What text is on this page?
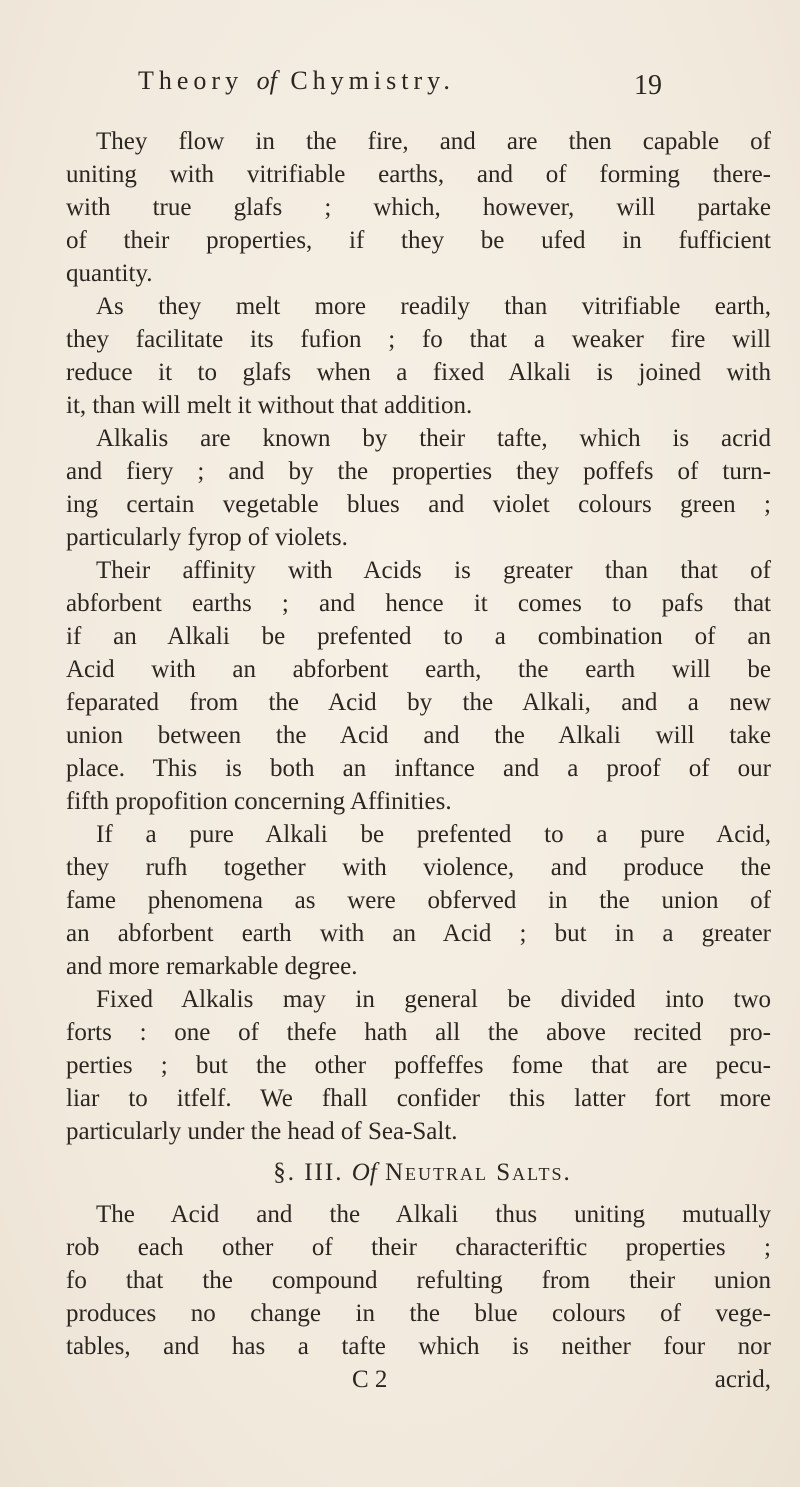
Theory of Chymistry.	19
They flow in the fire, and are then capable of
uniting with vitrifiable earths, and of forming there-
with true glafs ; which, however, will partake
of their properties, if they be ufed in fufficient
quantity.
As they melt more readily than vitrifiable earth,
they facilitate its fufion ; fo that a weaker fire will
reduce it to glafs when a fixed Alkali is joined with
it, than will melt it without that addition.
Alkalis are known by their tafte, which is acrid
and fiery ; and by the properties they poffefs of turn-
ing certain vegetable blues and violet colours green ;
particularly fyrop of violets.
Their affinity with Acids is greater than that of
abforbent earths ; and hence it comes to pafs that
if an Alkali be prefented to a combination of an
Acid with an abforbent earth, the earth will be
feparated from the Acid by the Alkali, and a new
union between the Acid and the Alkali will take
place. This is both an inftance and a proof of our
fifth propofition concerning Affinities.
If a pure Alkali be prefented to a pure Acid,
they rufh together with violence, and produce the
fame phenomena as were obferved in the union of
an abforbent earth with an Acid ; but in a greater
and more remarkable degree.
Fixed Alkalis may in general be divided into two
forts : one of thefe hath all the above recited pro-
perties ; but the other poffeffes fome that are pecu-
liar to itfelf. We fhall confider this latter fort more
particularly under the head of Sea-Salt.
§. III. Of Neutral Salts.
The Acid and the Alkali thus uniting mutually
rob each other of their characteriftic properties ;
fo that the compound refulting from their union
produces no change in the blue colours of vege-
tables, and has a tafte which is neither four nor
C 2	acrid,
